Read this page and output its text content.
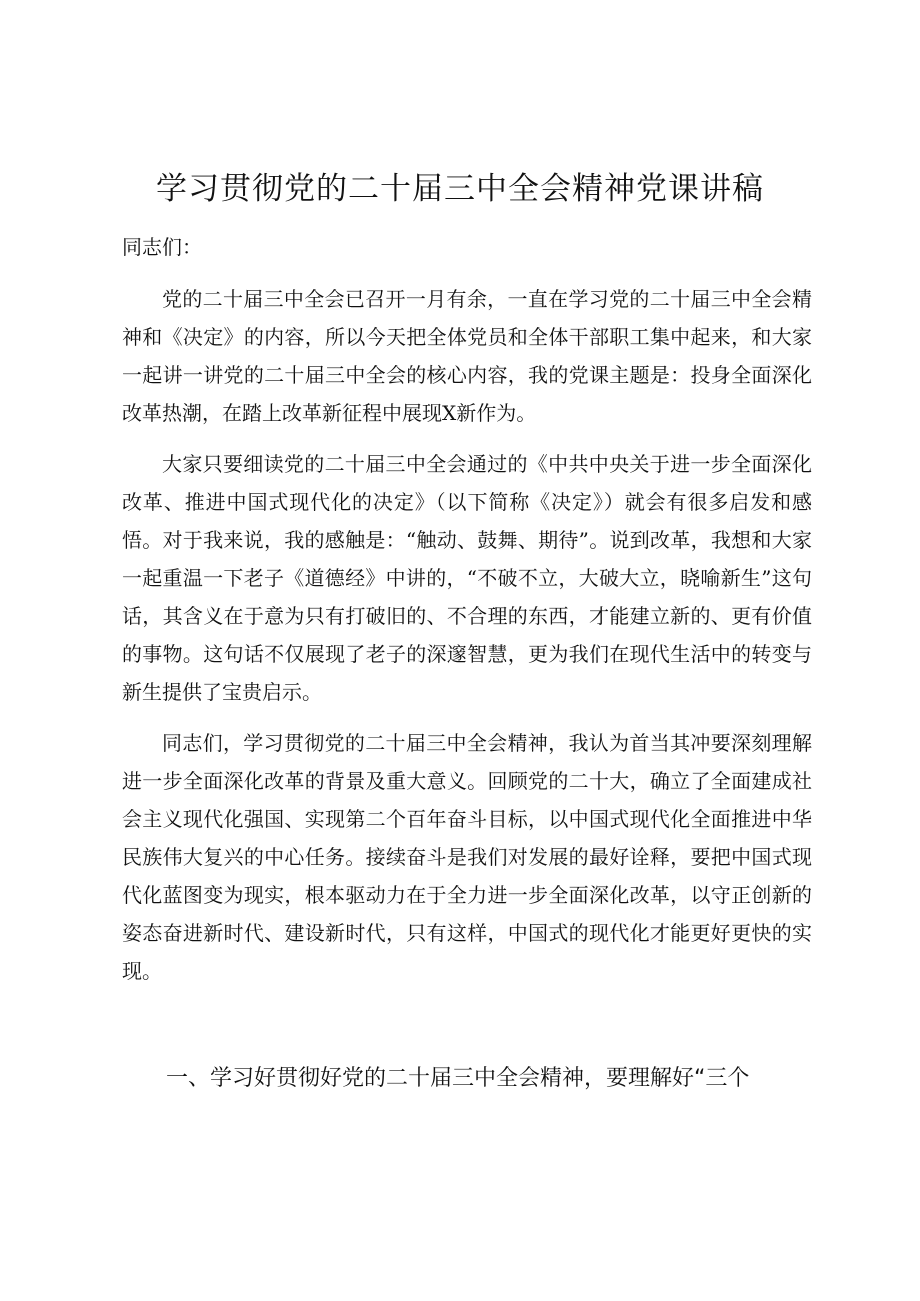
学习贯彻党的二十届三中全会精神党课讲稿

同志们：

党的二十届三中全会已召开一月有余，一直在学习党的二十届三中全会精神和《决定》的内容，所以今天把全体党员和全体干部职工集中起来，和大家一起讲一讲党的二十届三中全会的核心内容，我的党课主题是：投身全面深化改革热潮，在踏上改革新征程中展现X新作为。

大家只要细读党的二十届三中全会通过的《中共中央关于进一步全面深化改革、推进中国式现代化的决定》（以下简称《决定》）就会有很多启发和感悟。对于我来说，我的感触是：“触动、鼓舞、期待”。说到改革，我想和大家一起重温一下老子《道德经》中讲的，“不破不立，大破大立，晓喻新生”这句话，其含义在于意为只有打破旧的、不合理的东西，才能建立新的、更有价值的事物。这句话不仅展现了老子的深邃智慧，更为我们在现代生活中的转变与新生提供了宝贵启示。

同志们，学习贯彻党的二十届三中全会精神，我认为首当其冲要深刻理解进一步全面深化改革的背景及重大意义。回顾党的二十大，确立了全面建成社会主义现代化强国、实现第二个百年奋斗目标，以中国式现代化全面推进中华民族伟大复兴的中心任务。接续奋斗是我们对发展的最好诠释，要把中国式现代化蓝图变为现实，根本驱动力在于全力进一步全面深化改革，以守正创新的姿态奋进新时代、建设新时代，只有这样，中国式的现代化才能更好更快的实现。

一、学习好贯彻好党的二十届三中全会精神，要理解好“三个
